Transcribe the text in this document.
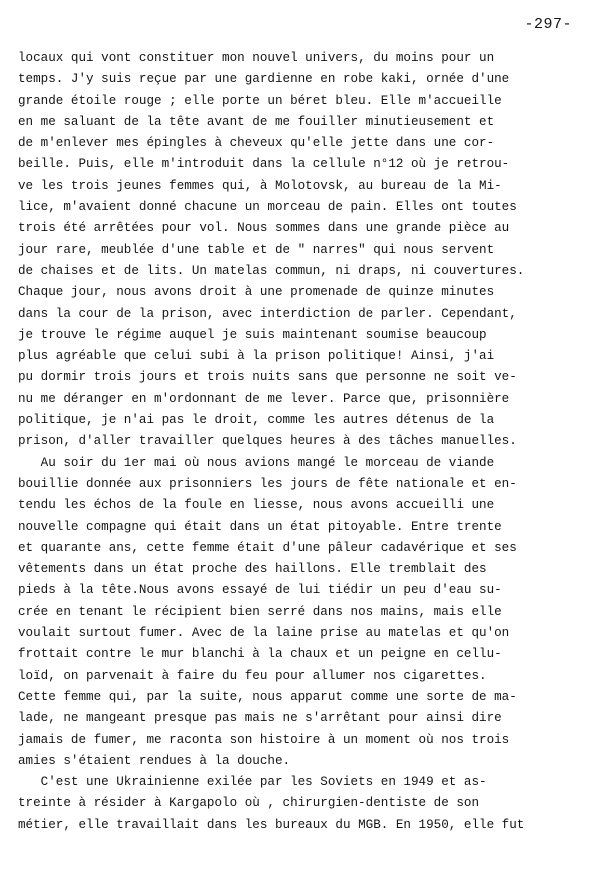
-297-
locaux qui vont constituer mon nouvel univers, du moins pour un
temps. J'y suis reçue par une gardienne en robe kaki, ornée d'une
grande étoile rouge ; elle porte un béret bleu. Elle m'accueille
en me saluant de la tête avant de me fouiller minutieusement et
de m'enlever mes épingles à cheveux qu'elle jette dans une cor-
beille. Puis, elle m'introduit dans la cellule n°12 où je retrou-
ve les trois jeunes femmes qui, à Molotovsk, au bureau de la Mi-
lice, m'avaient donné chacune un morceau de pain. Elles ont toutes
trois été arrêtées pour vol. Nous sommes dans une grande pièce au
jour rare, meublée d'une table et de " narres" qui nous servent
de chaises et de lits. Un matelas commun, ni draps, ni couvertures.
Chaque jour, nous avons droit à une promenade de quinze minutes
dans la cour de la prison, avec interdiction de parler. Cependant,
je trouve le régime auquel je suis maintenant soumise beaucoup
plus agréable que celui subi à la prison politique! Ainsi, j'ai
pu dormir trois jours et trois nuits sans que personne ne soit ve-
nu me déranger en m'ordonnant de me lever. Parce que, prisonnière
politique, je n'ai pas le droit, comme les autres détenus de la
prison, d'aller travailler quelques heures à des tâches manuelles.
Au soir du 1er mai où nous avions mangé le morceau de viande
bouillie donnée aux prisonniers les jours de fête nationale et en-
tendu les échos de la foule en liesse, nous avons accueilli une
nouvelle compagne qui était dans un état pitoyable. Entre trente
et quarante ans, cette femme était d'une pâleur cadavérique et ses
vêtements dans un état proche des haillons. Elle tremblait des
pieds à la tête.Nous avons essayé de lui tiédir un peu d'eau su-
crée en tenant le récipient bien serré dans nos mains, mais elle
voulait surtout fumer. Avec de la laine prise au matelas et qu'on
frottait contre le mur blanchi à la chaux et un peigne en cellu-
loïd, on parvenait à faire du feu pour allumer nos cigarettes.
Cette femme qui, par la suite, nous apparut comme une sorte de ma-
lade, ne mangeant presque pas mais ne s'arrêtant pour ainsi dire
jamais de fumer, me raconta son histoire à un moment où nos trois
amies s'étaient rendues à la douche.
C'est une Ukrainienne exilée par les Soviets en 1949 et as-
treinte à résider à Kargapolo où , chirurgien-dentiste de son
métier, elle travaillait dans les bureaux du MGB. En 1950, elle fut
